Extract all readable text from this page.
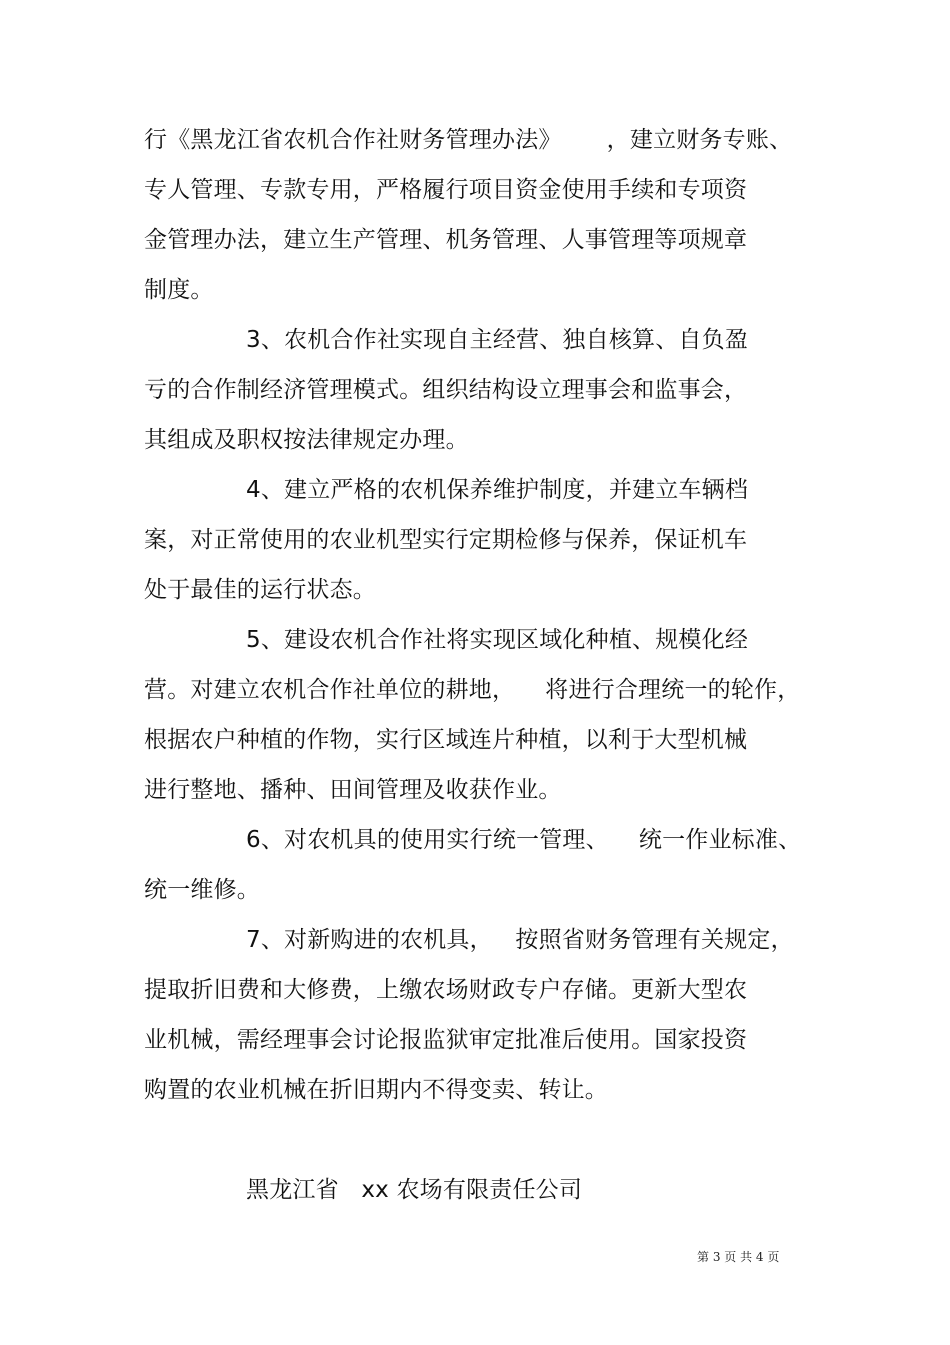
行《黑龙江省农机合作社财务管理办法》      ，建立财务专账、
专人管理、专款专用，严格履行项目资金使用手续和专项资
金管理办法，建立生产管理、机务管理、人事管理等项规章
制度。
3、农机合作社实现自主经营、独自核算、自负盈
亏的合作制经济管理模式。组织结构设立理事会和监事会，
其组成及职权按法律规定办理。
4、建立严格的农机保养维护制度，并建立车辆档
案，对正常使用的农业机型实行定期检修与保养，保证机车
处于最佳的运行状态。
5、建设农机合作社将实现区域化种植、规模化经
营。对建立农机合作社单位的耕地，    将进行合理统一的轮作，
根据农户种植的作物，实行区域连片种植，以利于大型机械
进行整地、播种、田间管理及收获作业。
6、对农机具的使用实行统一管理、    统一作业标准、
统一维修。
7、对新购进的农机具，   按照省财务管理有关规定，
提取折旧费和大修费，上缴农场财政专户存储。更新大型农
业机械，需经理事会讨论报监狱审定批准后使用。国家投资
购置的农业机械在折旧期内不得变卖、转让。
黑龙江省   xx 农场有限责任公司
第 3 页 共 4 页
